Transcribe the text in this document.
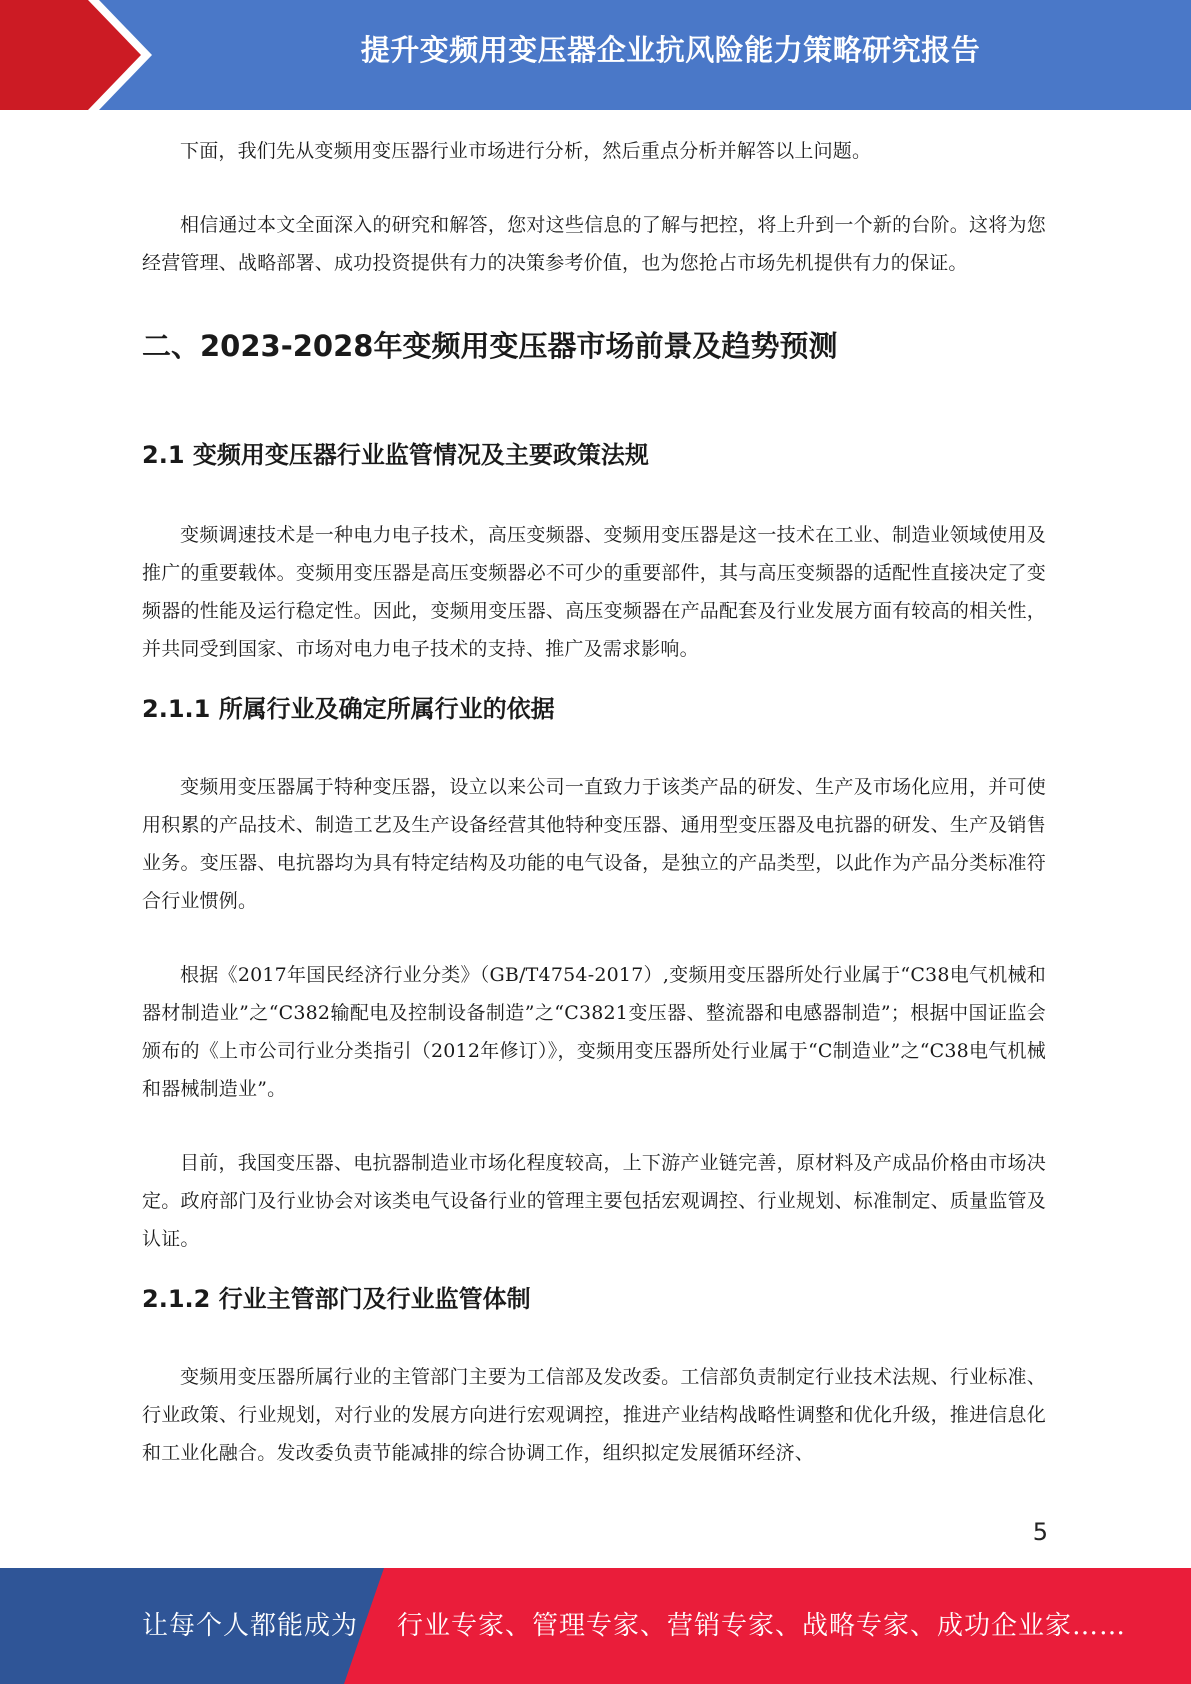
提升变频用变压器企业抗风险能力策略研究报告

下面，我们先从变频用变压器行业市场进行分析，然后重点分析并解答以上问题。

相信通过本文全面深入的研究和解答，您对这些信息的了解与把控，将上升到一个新的台阶。这将为您经营管理、战略部署、成功投资提供有力的决策参考价值，也为您抢占市场先机提供有力的保证。

二、2023-2028年变频用变压器市场前景及趋势预测
2.1 变频用变压器行业监管情况及主要政策法规

变频调速技术是一种电力电子技术，高压变频器、变频用变压器是这一技术在工业、制造业领域使用及推广的重要载体。变频用变压器是高压变频器必不可少的重要部件，其与高压变频器的适配性直接决定了变频器的性能及运行稳定性。因此，变频用变压器、高压变频器在产品配套及行业发展方面有较高的相关性，并共同受到国家、市场对电力电子技术的支持、推广及需求影响。

2.1.1 所属行业及确定所属行业的依据

变频用变压器属于特种变压器，设立以来公司一直致力于该类产品的研发、生产及市场化应用，并可使用积累的产品技术、制造工艺及生产设备经营其他特种变压器、通用型变压器及电抗器的研发、生产及销售业务。变压器、电抗器均为具有特定结构及功能的电气设备，是独立的产品类型，以此作为产品分类标准符合行业惯例。

根据《2017年国民经济行业分类》（GB/T4754-2017）,变频用变压器所处行业属于“C38电气机械和器材制造业”之“C382输配电及控制设备制造”之“C3821变压器、整流器和电感器制造”；根据中国证监会颁布的《上市公司行业分类指引（2012年修订）》，变频用变压器所处行业属于“C制造业”之“C38电气机械和器械制造业”。

目前，我国变压器、电抗器制造业市场化程度较高，上下游产业链完善，原材料及产成品价格由市场决定。政府部门及行业协会对该类电气设备行业的管理主要包括宏观调控、行业规划、标准制定、质量监管及认证。

2.1.2 行业主管部门及行业监管体制

变频用变压器所属行业的主管部门主要为工信部及发改委。工信部负责制定行业技术法规、行业标准、行业政策、行业规划，对行业的发展方向进行宏观调控，推进产业结构战略性调整和优化升级，推进信息化和工业化融合。发改委负责节能减排的综合协调工作，组织拟定发展循环经济、

5
让每个人都能成为 行业专家、管理专家、营销专家、战略专家、成功企业家……
